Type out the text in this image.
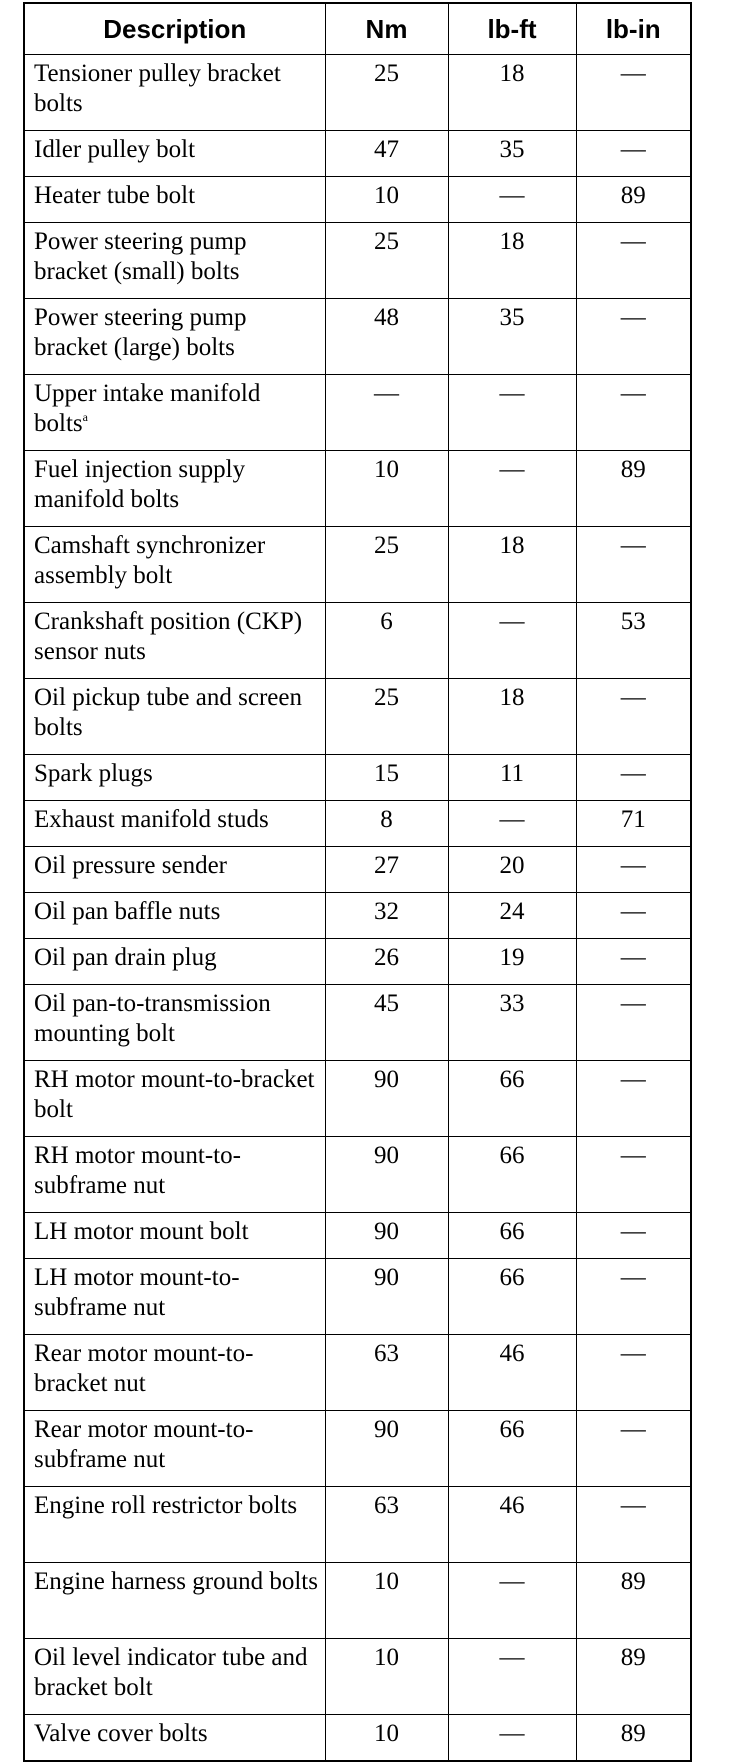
Description	Nm	lb-ft	lb-in
Tensioner pulley bracket bolts	25	18	—
Idler pulley bolt	47	35	—
Heater tube bolt	10	—	89
Power steering pump bracket (small) bolts	25	18	—
Power steering pump bracket (large) bolts	48	35	—
Upper intake manifold bolts$^a$	—	—	—
Fuel injection supply manifold bolts	10	—	89
Camshaft synchronizer assembly bolt	25	18	—
Crankshaft position (CKP) sensor nuts	6	—	53
Oil pickup tube and screen bolts	25	18	—
Spark plugs	15	11	—
Exhaust manifold studs	8	—	71
Oil pressure sender	27	20	—
Oil pan baffle nuts	32	24	—
Oil pan drain plug	26	19	—
Oil pan-to-transmission mounting bolt	45	33	—
RH motor mount-to-bracket bolt	90	66	—
RH motor mount-to-subframe nut	90	66	—
LH motor mount bolt	90	66	—
LH motor mount-to-subframe nut	90	66	—
Rear motor mount-to-bracket nut	63	46	—
Rear motor mount-to-subframe nut	90	66	—
Engine roll restrictor bolts	63	46	—
Engine harness ground bolts	10	—	89
Oil level indicator tube and bracket bolt	10	—	89
Valve cover bolts	10	—	89
